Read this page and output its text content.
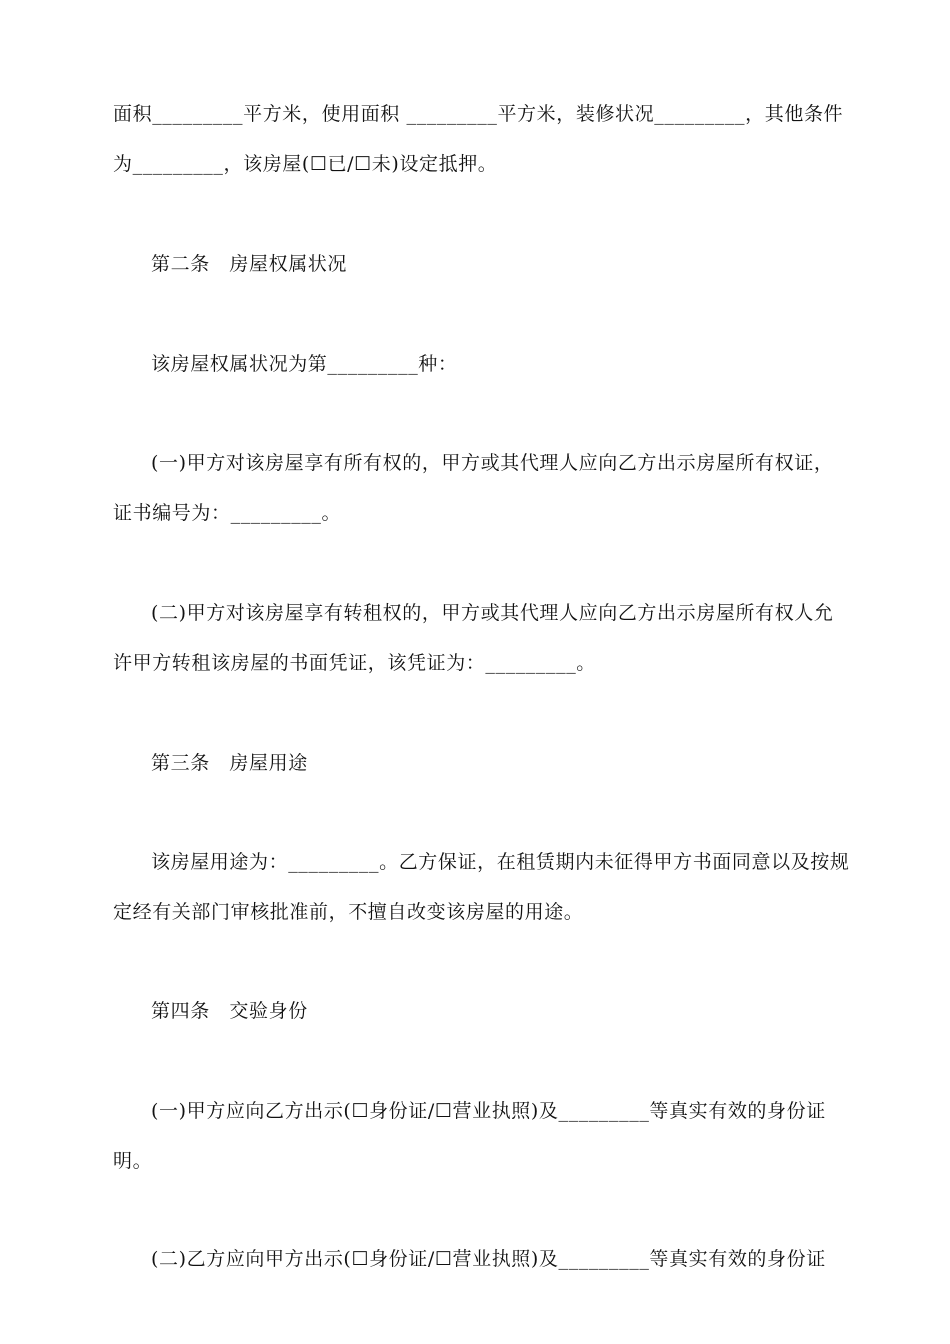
面积_________平方米，使用面积 _________平方米，装修状况_________，其他条件
为_________，该房屋(☐已/☐未)设定抵押。
第二条　房屋权属状况
该房屋权属状况为第_________种：
(一)甲方对该房屋享有所有权的，甲方或其代理人应向乙方出示房屋所有权证，
证书编号为：_________。
(二)甲方对该房屋享有转租权的，甲方或其代理人应向乙方出示房屋所有权人允
许甲方转租该房屋的书面凭证，该凭证为：_________。
第三条　房屋用途
该房屋用途为：_________。乙方保证，在租赁期内未征得甲方书面同意以及按规
定经有关部门审核批准前，不擅自改变该房屋的用途。
第四条　交验身份
(一)甲方应向乙方出示(☐身份证/☐营业执照)及_________等真实有效的身份证
明。
(二)乙方应向甲方出示(☐身份证/☐营业执照)及_________等真实有效的身份证
